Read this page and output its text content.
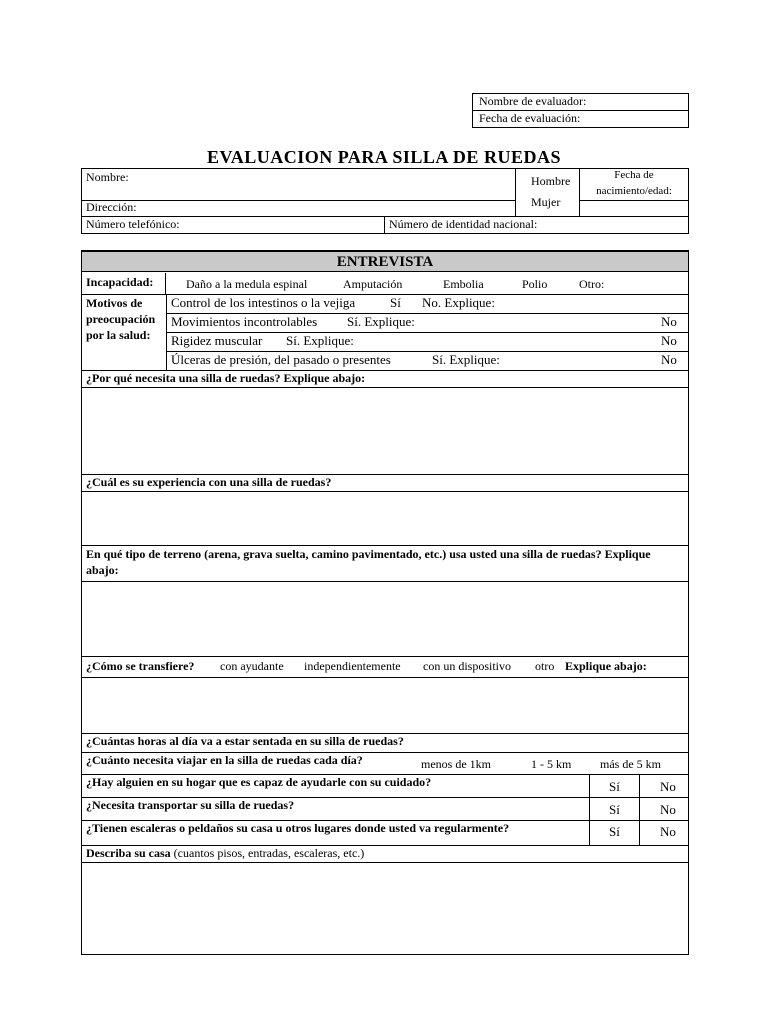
Nombre de evaluador:
Fecha de evaluación:
EVALUACION PARA SILLA DE RUEDAS
Nombre:	Hombre
Mujer
Fecha de
nacimiento/edad:
Dirección:
Número telefónico:	Número de identidad nacional:
ENTREVISTA
Incapacidad:	Daño a la medula espinal	Amputación	Embolia	Polio	Otro:
Motivos de
preocupación
por la salud:
Control de los intestinos o la vejiga	Sí No. Explique:
Movimientos incontrolables Sí. Explique:	No
Rigidez muscular Sí. Explique:	No
Úlceras de presión, del pasado o presentes	Sí. Explique:	No
¿Por qué necesita una silla de ruedas? Explique abajo:
¿Cuál es su experiencia con una silla de ruedas?
En qué tipo de terreno (arena, grava suelta, camino pavimentado, etc.) usa usted una silla de ruedas? Explique
abajo:
¿Cómo se transfiere? con ayudante independientemente con un dispositivo otro Explique abajo:
¿Cuántas horas al día va a estar sentada en su silla de ruedas?
¿Cuánto necesita viajar en la silla de ruedas cada día?	menos de 1km	1 - 5 km más de 5 km
¿Hay alguien en su hogar que es capaz de ayudarle con su cuidado?	Sí	No
¿Necesita transportar su silla de ruedas?	Sí	No
¿Tienen escaleras o peldaños su casa u otros lugares donde usted va regularmente?	Sí	No
Describa su casa (cuantos pisos, entradas, escaleras, etc.)
